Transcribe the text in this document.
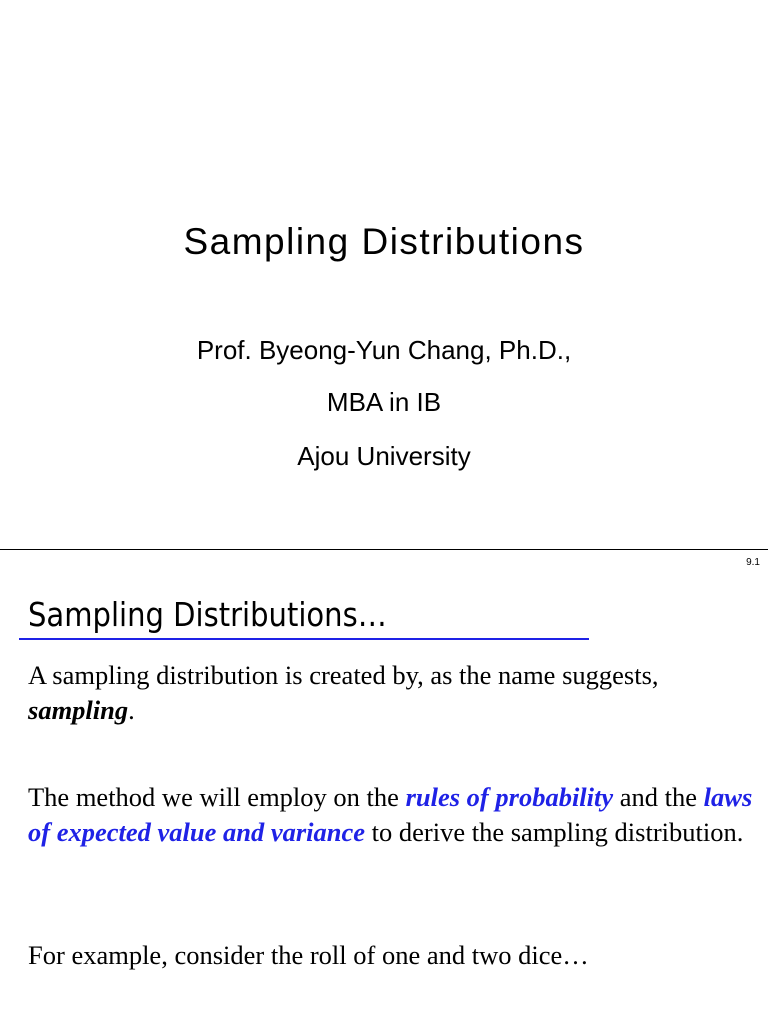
Sampling Distributions
Prof. Byeong-Yun Chang, Ph.D.,
MBA in IB
Ajou University
9.1
Sampling Distributions…

A sampling distribution is created by, as the name suggests, sampling.

The method we will employ on the rules of probability and the laws of expected value and variance to derive the sampling distribution.

For example, consider the roll of one and two dice…
